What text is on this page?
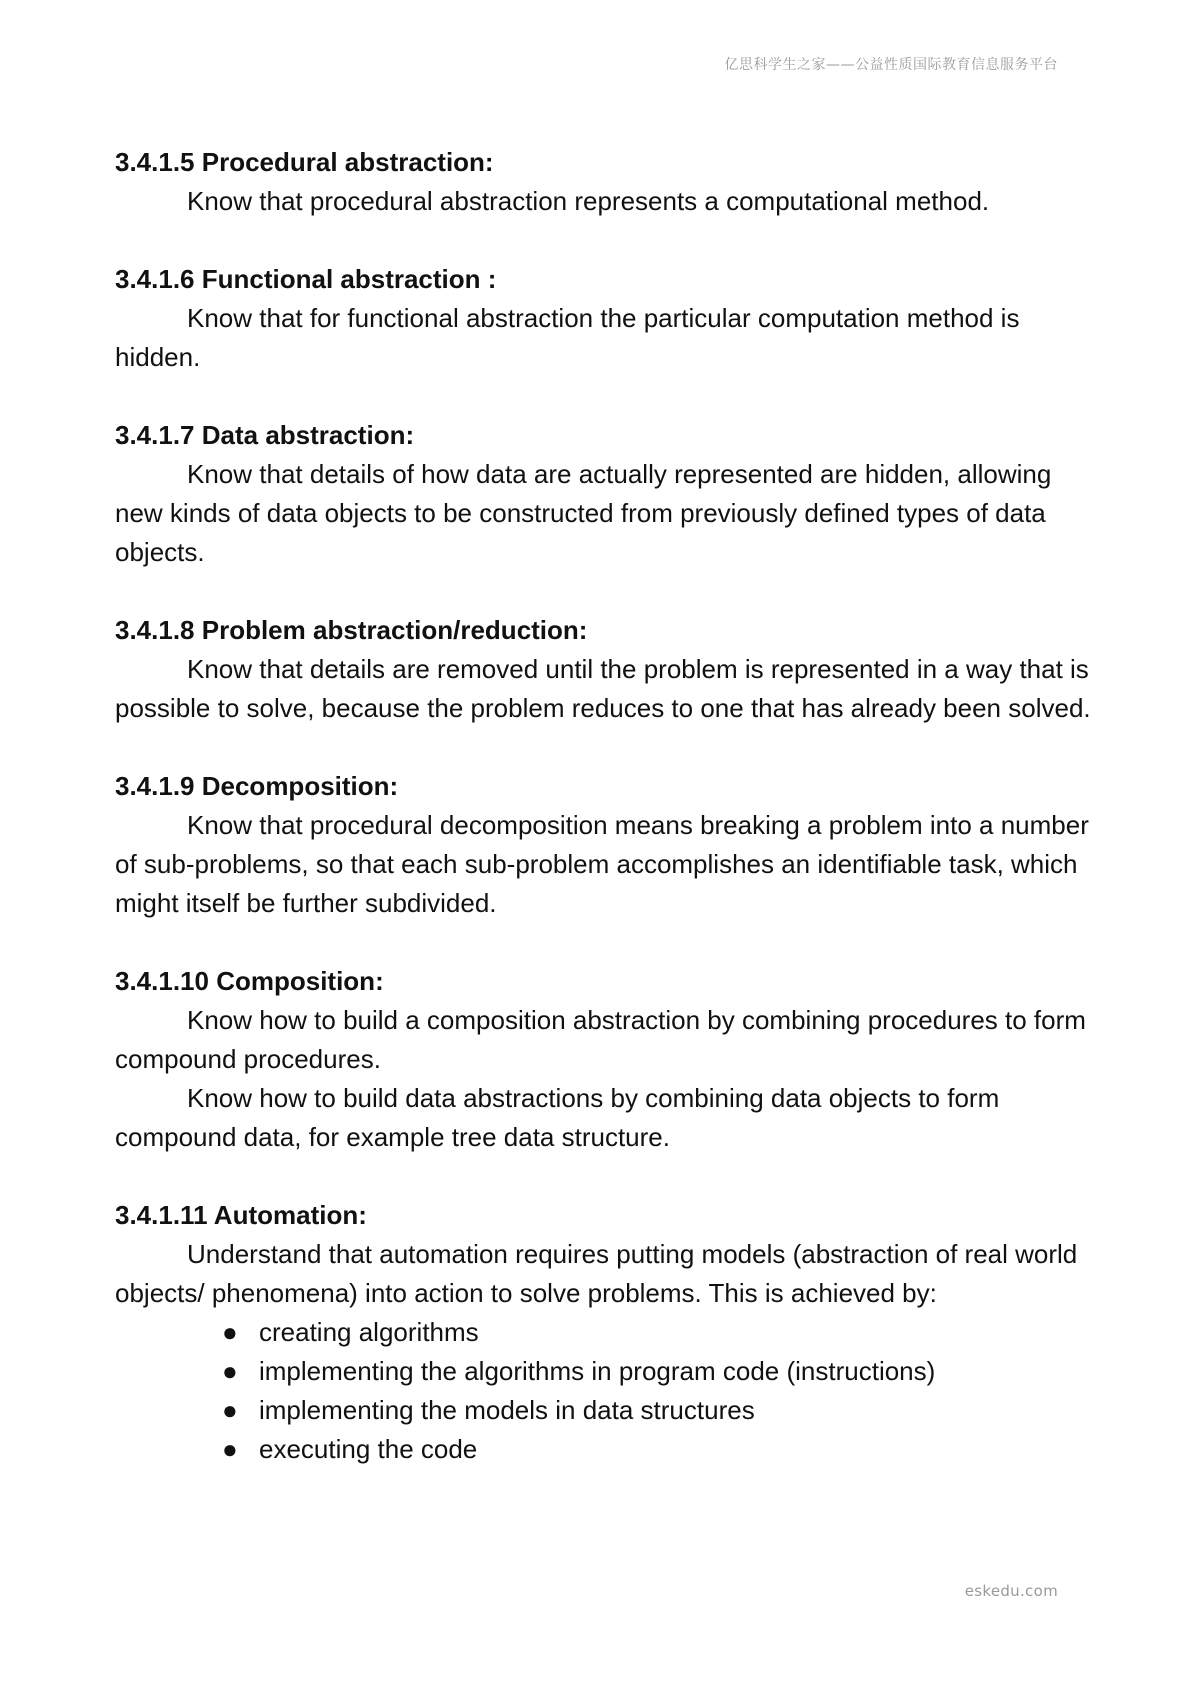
亿思科学生之家——公益性质国际教育信息服务平台

3.4.1.5 Procedural abstraction:

Know that procedural abstraction represents a computational method.

3.4.1.6 Functional abstraction :

Know that for functional abstraction the particular computation method is hidden.

3.4.1.7 Data abstraction:

Know that details of how data are actually represented are hidden, allowing new kinds of data objects to be constructed from previously defined types of data objects.

3.4.1.8 Problem abstraction/reduction:

Know that details are removed until the problem is represented in a way that is possible to solve, because the problem reduces to one that has already been solved.

3.4.1.9 Decomposition:

Know that procedural decomposition means breaking a problem into a number of sub-problems, so that each sub-problem accomplishes an identifiable task, which might itself be further subdivided.

3.4.1.10 Composition:

Know how to build a composition abstraction by combining procedures to form compound procedures.

Know how to build data abstractions by combining data objects to form compound data, for example tree data structure.

3.4.1.11 Automation:

Understand that automation requires putting models (abstraction of real world objects/ phenomena) into action to solve problems. This is achieved by:

● creating algorithms
● implementing the algorithms in program code (instructions)
● implementing the models in data structures
● executing the code
eskedu.com
